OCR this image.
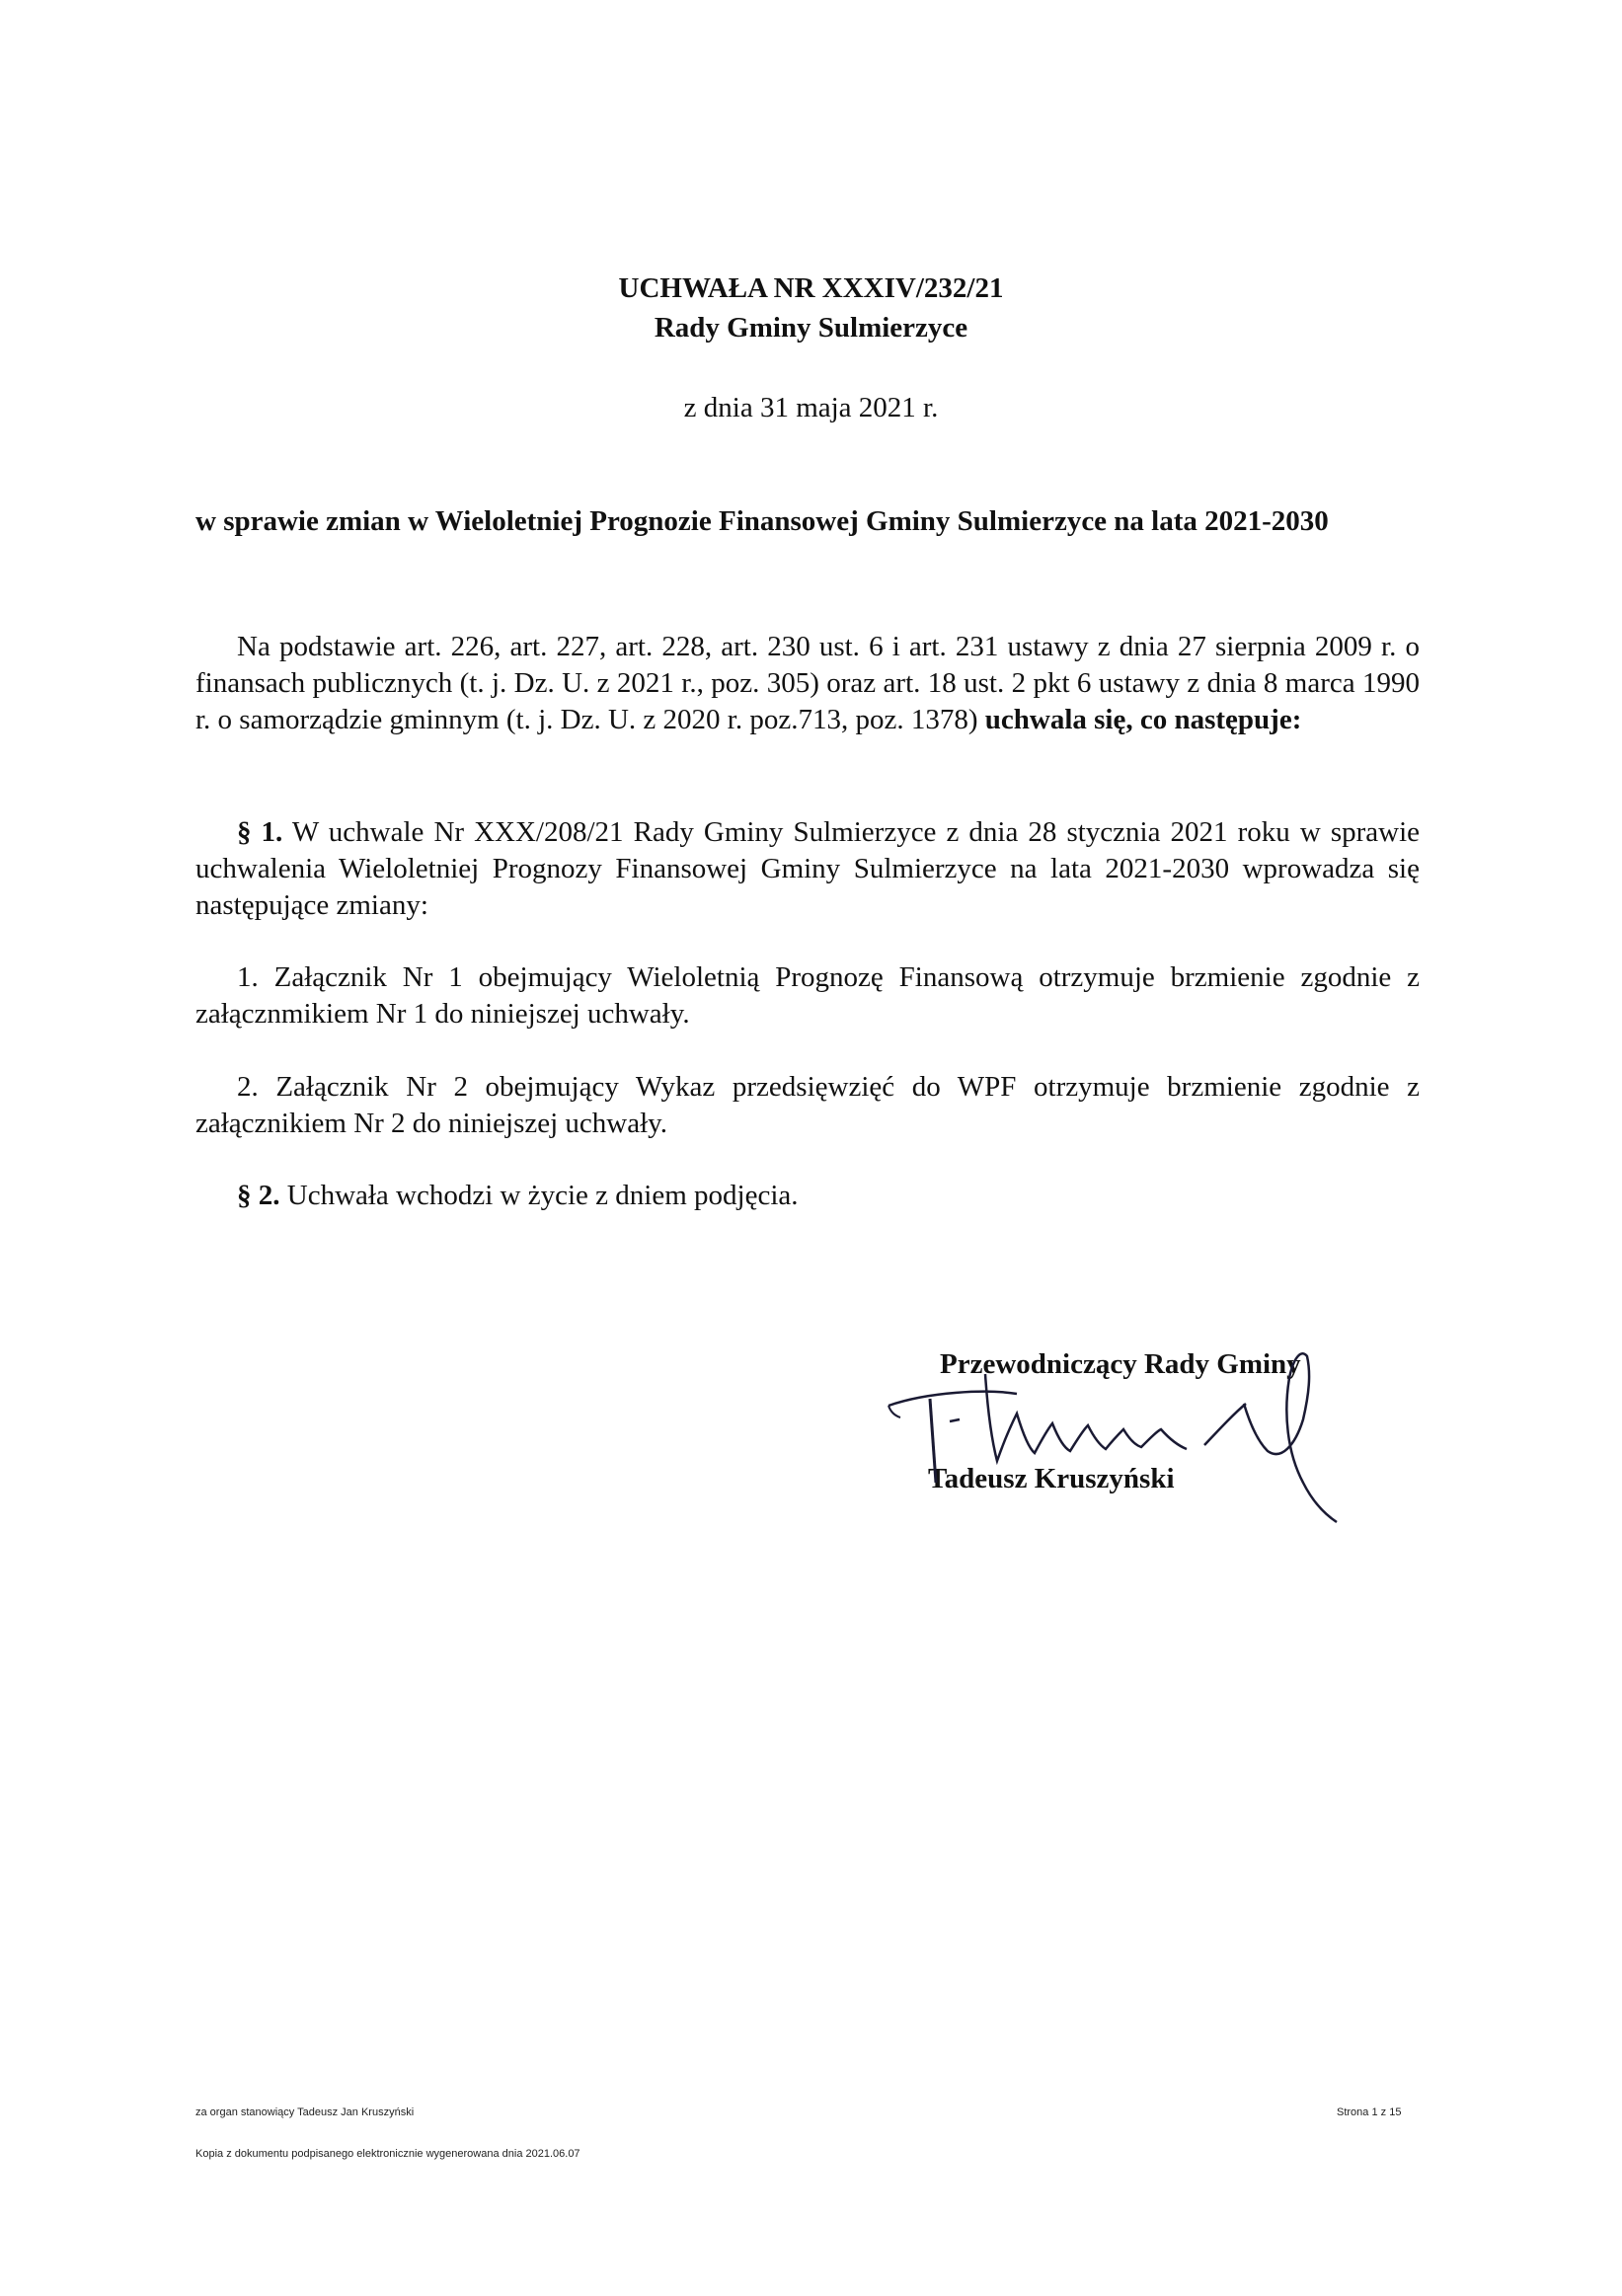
UCHWAŁA NR XXXIV/232/21

Rady Gminy Sulmierzyce

z dnia 31 maja 2021 r.

w sprawie zmian w Wieloletniej Prognozie Finansowej Gminy Sulmierzyce na lata 2021-2030

Na podstawie art. 226, art. 227, art. 228, art. 230 ust. 6 i art. 231 ustawy z dnia 27 sierpnia 2009 r. o finansach publicznych (t. j. Dz. U. z 2021 r., poz. 305) oraz art. 18 ust. 2 pkt 6 ustawy z dnia 8 marca 1990 r. o samorządzie gminnym (t. j. Dz. U. z 2020 r. poz.713, poz. 1378) uchwala się, co następuje:

§ 1. W uchwale Nr XXX/208/21 Rady Gminy Sulmierzyce z dnia 28 stycznia 2021 roku w sprawie uchwalenia Wieloletniej Prognozy Finansowej Gminy Sulmierzyce na lata 2021-2030 wprowadza się następujące zmiany:

1. Załącznik Nr 1 obejmujący Wieloletnią Prognozę Finansową otrzymuje brzmienie zgodnie z załącznmikiem Nr 1 do niniejszej uchwały.

2. Załącznik Nr 2 obejmujący Wykaz przedsięwzięć do WPF otrzymuje brzmienie zgodnie z załącznikiem Nr 2 do niniejszej uchwały.

§ 2. Uchwała wchodzi w życie z dniem podjęcia.

Przewodniczący Rady Gminy

Tadeusz Kruszyński

za organ stanowiący Tadeusz Jan Kruszyński	Strona 1 z 15

Kopia z dokumentu podpisanego elektronicznie wygenerowana dnia 2021.06.07
